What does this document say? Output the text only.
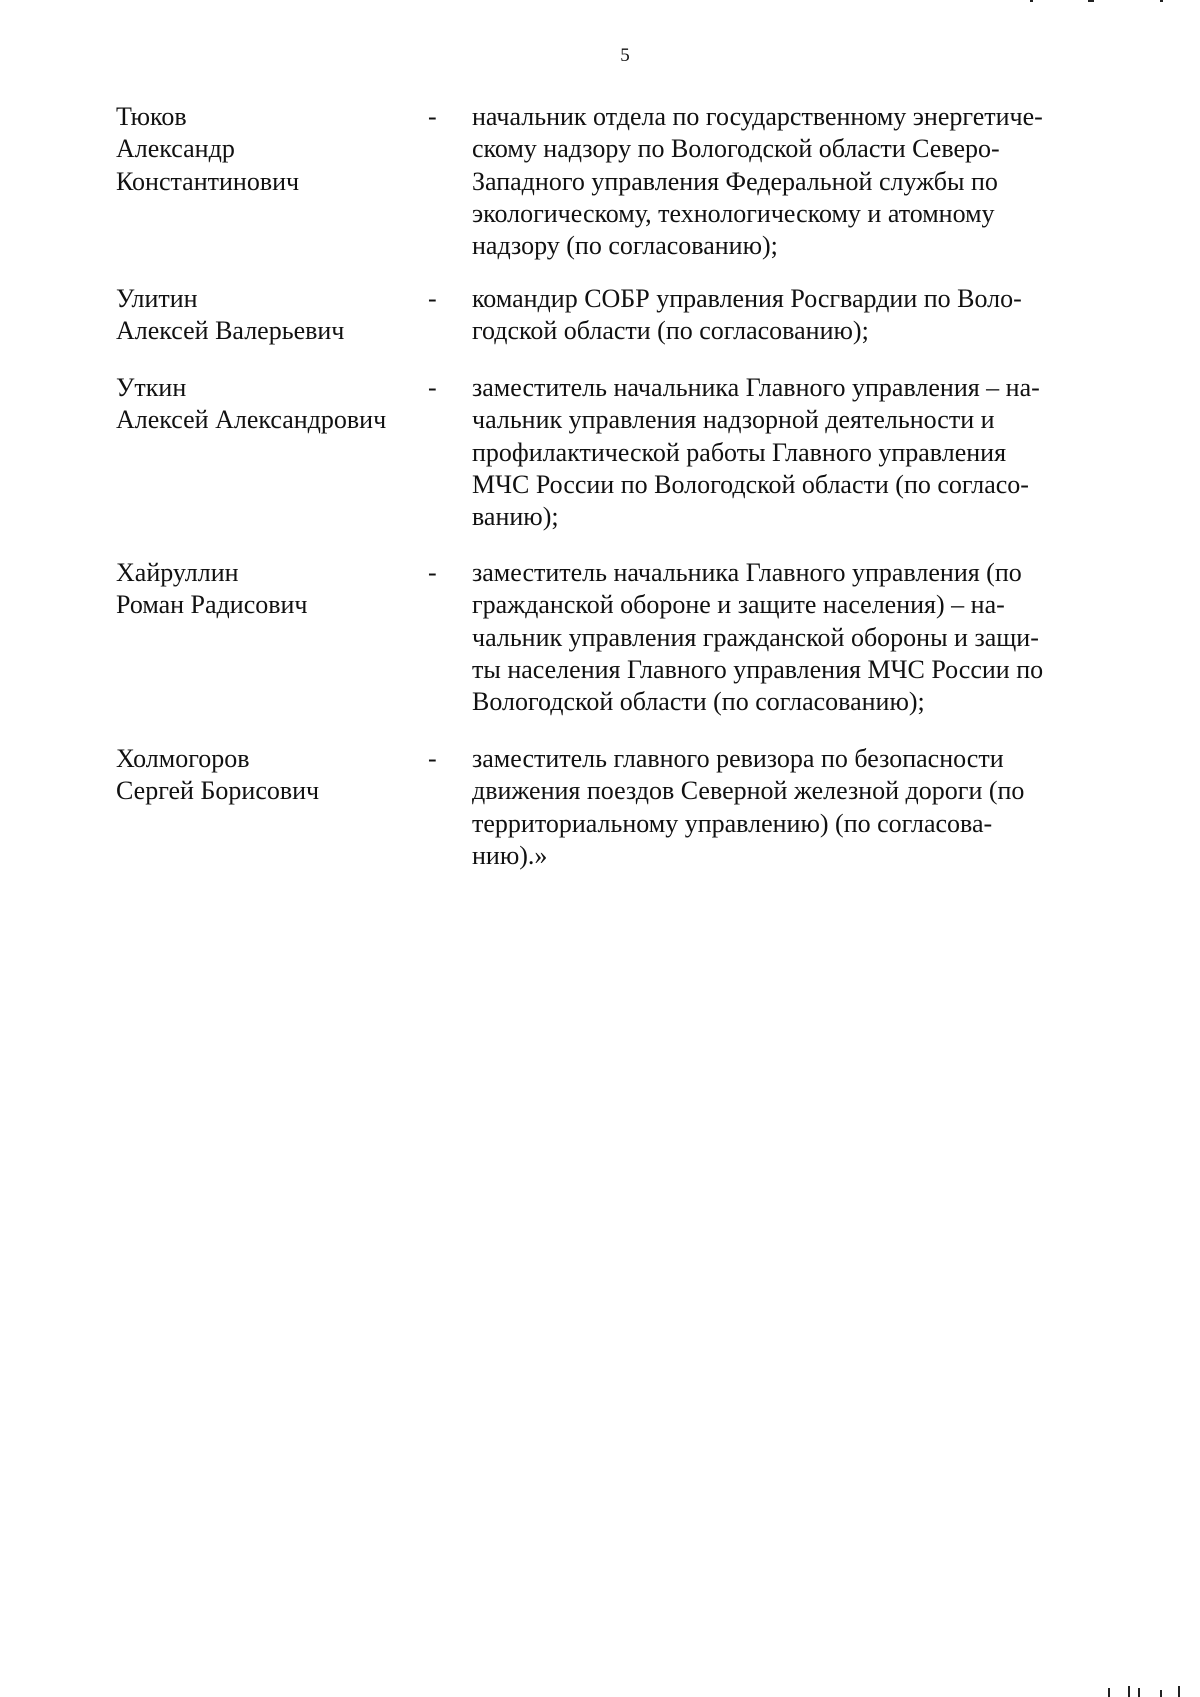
5
Тюков
Александр
Константинович
- начальник отдела по государственному энергетиче-
скому надзору по Вологодской области Северо-
Западного управления Федеральной службы по
экологическому, технологическому и атомному
надзору (по согласованию);
Улитин
Алексей Валерьевич
- командир СОБР управления Росгвардии по Воло-
годской области (по согласованию);
Уткин
Алексей Александрович
- заместитель начальника Главного управления – на-
чальник управления надзорной деятельности и
профилактической работы Главного управления
МЧС России по Вологодской области (по согласо-
ванию);
Хайруллин
Роман Радисович
- заместитель начальника Главного управления (по
гражданской обороне и защите населения) – на-
чальник управления гражданской обороны и защи-
ты населения Главного управления МЧС России по
Вологодской области (по согласованию);
Холмогоров
Сергей Борисович
- заместитель главного ревизора по безопасности
движения поездов Северной железной дороги (по
территориальному управлению) (по согласова-
нию).»
